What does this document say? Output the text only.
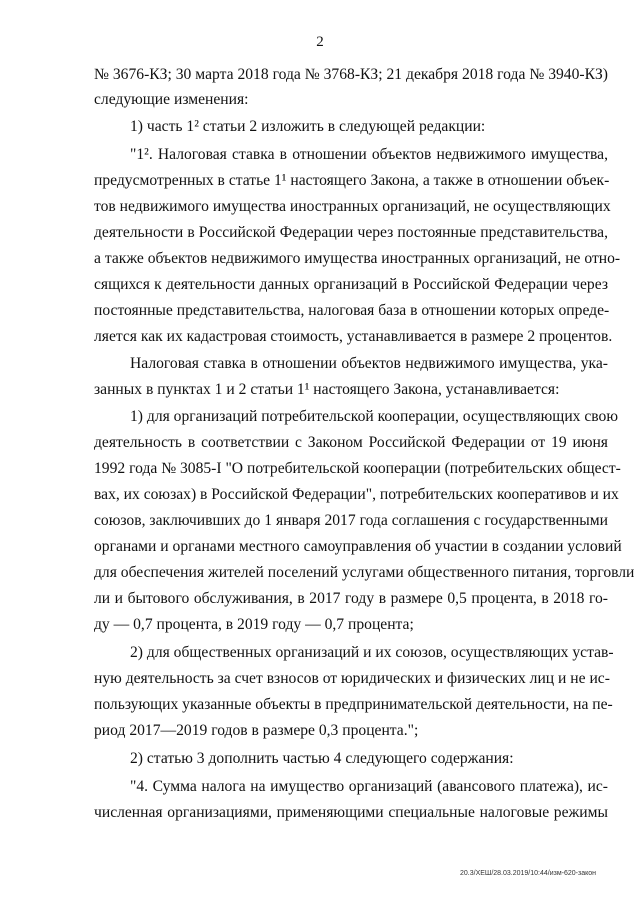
2
№ 3676-КЗ; 30 марта 2018 года № 3768-КЗ; 21 декабря 2018 года № 3940-КЗ)
следующие изменения:
1) часть 1² статьи 2 изложить в следующей редакции:
"1². Налоговая ставка в отношении объектов недвижимого имущества,
предусмотренных в статье 1¹ настоящего Закона, а также в отношении объек-
тов недвижимого имущества иностранных организаций, не осуществляющих
деятельности в Российской Федерации через постоянные представительства,
а также объектов недвижимого имущества иностранных организаций, не отно-
сящихся к деятельности данных организаций в Российской Федерации через
постоянные представительства, налоговая база в отношении которых опреде-
ляется как их кадастровая стоимость, устанавливается в размере 2 процентов.
Налоговая ставка в отношении объектов недвижимого имущества, ука-
занных в пунктах 1 и 2 статьи 1¹ настоящего Закона, устанавливается:
1) для организаций потребительской кооперации, осуществляющих свою
деятельность в соответствии с Законом Российской Федерации от 19 июня
1992 года № 3085-I "О потребительской кооперации (потребительских общест-
вах, их союзах) в Российской Федерации", потребительских кооперативов и их
союзов, заключивших до 1 января 2017 года соглашения с государственными
органами и органами местного самоуправления об участии в создании условий
для обеспечения жителей поселений услугами общественного питания, торговли
ли и бытового обслуживания, в 2017 году в размере 0,5 процента, в 2018 го-
ду — 0,7 процента, в 2019 году — 0,7 процента;
2) для общественных организаций и их союзов, осуществляющих устав-
ную деятельность за счет взносов от юридических и физических лиц и не ис-
пользующих указанные объекты в предпринимательской деятельности, на пе-
риод 2017—2019 годов в размере 0,3 процента.";
2) статью 3 дополнить частью 4 следующего содержания:
"4. Сумма налога на имущество организаций (авансового платежа), ис-
численная организациями, применяющими специальные налоговые режимы
20.3/ХЕШ/28.03.2019/10:44/изм-620-закон
